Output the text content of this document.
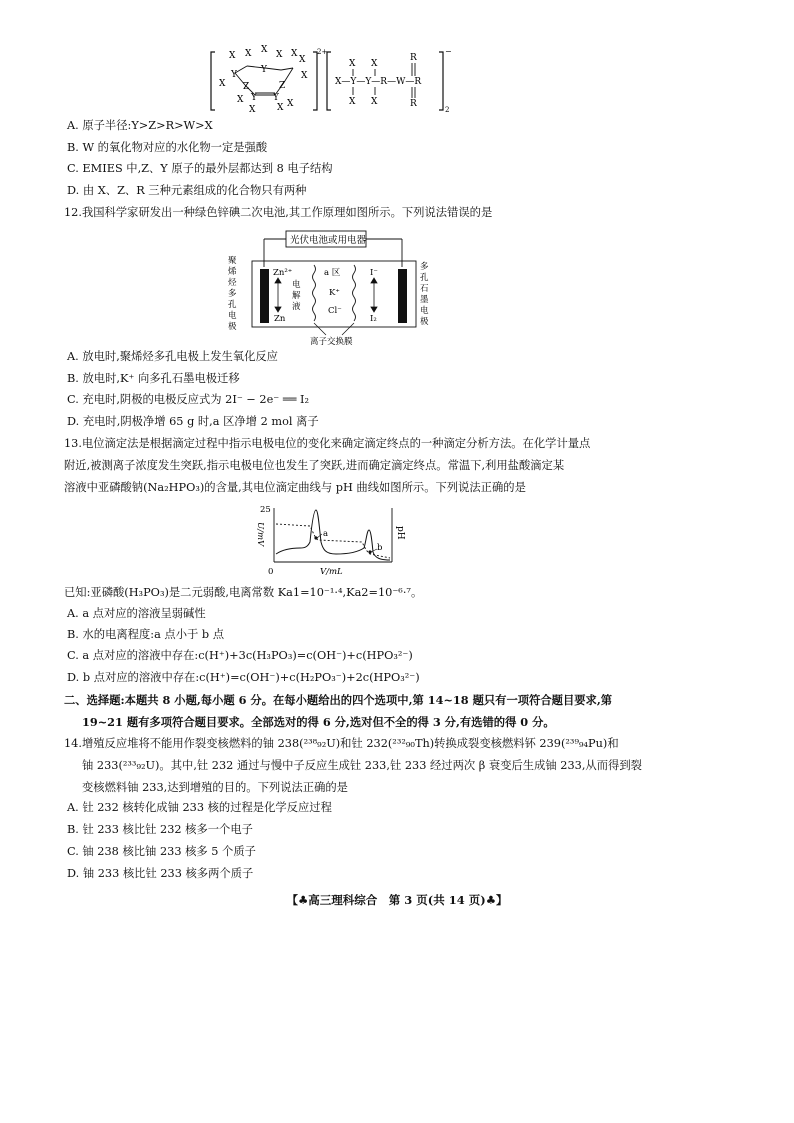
X X X X X
X
X
X
X
X X X
Y
Z
Y
Z
Y Y
2+
X—Y—Y—R—W—R
X X
X X
R
R
−
2
A. 原子半径:Y>Z>R>W>X
B. W 的氧化物对应的水化物一定是强酸
C. EMIES 中,Z、Y 原子的最外层都达到 8 电子结构
D. 由 X、Z、R 三种元素组成的化合物只有两种
12.我国科学家研发出一种绿色锌碘二次电池,其工作原理如图所示。下列说法错误的是
光伏电池或用电器
Zn²⁺
Zn
a 区
K⁺
Cl⁻
I⁻
I₂
电解液
离子交换膜
聚烯烃多孔电极
多孔石墨电极
A. 放电时,聚烯烃多孔电极上发生氧化反应
B. 放电时,K⁺ 向多孔石墨电极迁移
C. 充电时,阴极的电极反应式为 2I⁻ − 2e⁻ ══ I₂
D. 充电时,阴极净增 65 g 时,a 区净增 2 mol 离子
13.电位滴定法是根据滴定过程中指示电极电位的变化来确定滴定终点的一种滴定分析方法。在化学计量点
附近,被测离子浓度发生突跃,指示电极电位也发生了突跃,进而确定滴定终点。常温下,利用盐酸滴定某
溶液中亚磷酸钠(Na₂HPO₃)的含量,其电位滴定曲线与 pH 曲线如图所示。下列说法正确的是
25
0	V/mL
U/mV	pH
a
b
已知:亚磷酸(H₃PO₃)是二元弱酸,电离常数 Ka1=10⁻¹·⁴,Ka2=10⁻⁶·⁷。
A. a 点对应的溶液呈弱碱性
B. 水的电离程度:a 点小于 b 点
C. a 点对应的溶液中存在:c(H⁺)+3c(H₃PO₃)=c(OH⁻)+c(HPO₃²⁻)
D. b 点对应的溶液中存在:c(H⁺)=c(OH⁻)+c(H₂PO₃⁻)+2c(HPO₃²⁻)
二、选择题:本题共 8 小题,每小题 6 分。在每小题给出的四个选项中,第 14~18 题只有一项符合题目要求,第
19~21 题有多项符合题目要求。全部选对的得 6 分,选对但不全的得 3 分,有选错的得 0 分。
14.增殖反应堆将不能用作裂变核燃料的铀 238(²³⁸₉₂U)和钍 232(²³²₉₀Th)转换成裂变核燃料钚 239(²³⁹₉₄Pu)和
铀 233(²³³₉₂U)。其中,钍 232 通过与慢中子反应生成钍 233,钍 233 经过两次 β 衰变后生成铀 233,从而得到裂
变核燃料铀 233,达到增殖的目的。下列说法正确的是
A. 钍 232 核转化成铀 233 核的过程是化学反应过程
B. 钍 233 核比钍 232 核多一个电子
C. 铀 238 核比铀 233 核多 5 个质子
D. 铀 233 核比钍 233 核多两个质子
【♣高三理科综合　第 3 页(共 14 页)♣】
